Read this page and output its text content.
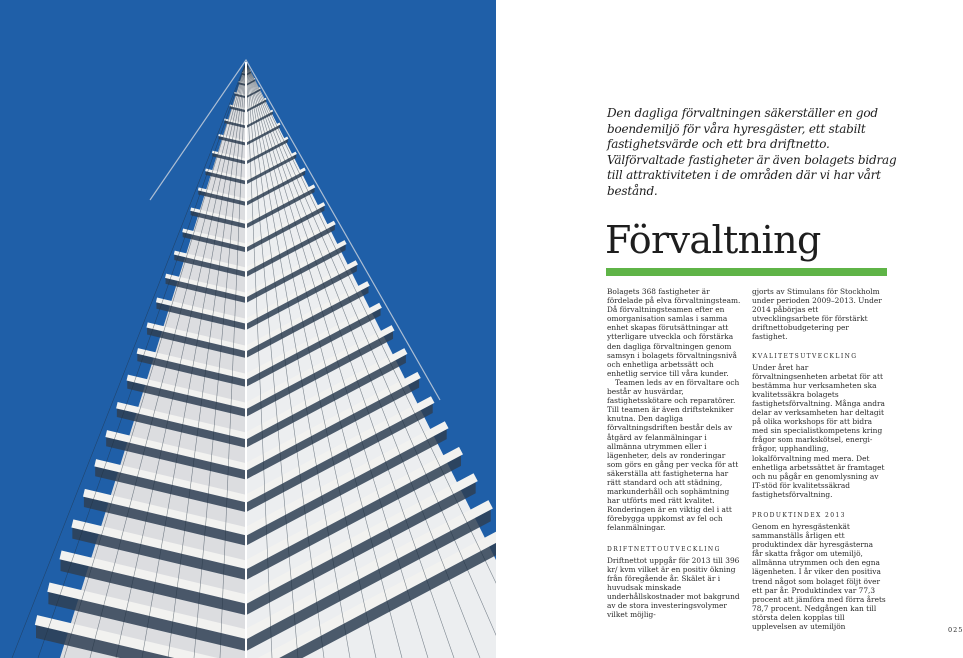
Den dagliga förvaltningen säkerställer en god boendemiljö för våra hyresgäster, ett stabilt fastighetsvärde och ett bra driftnetto. Välförvaltade fastigheter är även bolagets bidrag till attraktiviteten i de områden där vi har vårt bestånd.

Förvaltning

Bolagets 368 fastigheter är fördelade på elva förvaltningsteam. Då förvaltningsteamen efter en omorganisation samlas i samma enhet skapas förutsättningar att ytterligare utveckla och förstärka den dagliga förvaltningen genom samsyn i bolagets förvaltningsnivå och enhetliga arbetssätt och enhetlig service till våra kunder.

Teamen leds av en förvaltare och består av husvärdar, fastighetsskötare och reparatörer. Till teamen är även driftstekniker knutna. Den dagliga förvaltningsdriften består dels av åtgärd av felanmälningar i allmänna utrymmen eller i lägenheter, dels av ronderingar som görs en gång per vecka för att säkerställa att fastigheterna har rätt standard och att städning, markunderhåll och sophämtning har utförts med rätt kvalitet. Ronderingen är en viktig del i att förebygga uppkomst av fel och felanmälningar.

DRIFTNETTOUTVECKLING

Driftnettot uppgår för 2013 till 396 kr/ kvm vilket är en positiv ökning från föregående år. Skälet är i huvudsak minskade underhållskostnader mot bakgrund av de stora investeringsvolymer vilket möjlig-

gjorts av Stimulans för Stockholm under perioden 2009–2013. Under 2014 påbörjas ett utvecklingsarbete för förstärkt driftnettobudgetering per fastighet.

KVALITETSUTVECKLING

Under året har förvaltningsenheten arbetat för att bestämma hur verksamheten ska kvalitetssäkra bolagets fastighetsförvaltning. Många andra delar av verksamheten har deltagit på olika workshops för att bidra med sin specialistkompetens kring frågor som markskötsel, energifrågor, upphandling, lokalförvaltning med mera. Det enhetliga arbetssättet är framtaget och nu pågår en genomlysning av IT-stöd för kvalitetssäkrad fastighetsförvaltning.

PRODUKTINDEX 2013

Genom en hyresgästenkät sammanställs årligen ett produktindex där hyresgästerna får skatta frågor om utemiljö, allmänna utrymmen och den egna lägenheten. I år viker den positiva trend något som bolaget följt över ett par år. Produktindex var 77,3 procent att jämföra med förra årets 78,7 procent. Nedgången kan till största delen kopplas till upplevelsen av utemiljön	025
